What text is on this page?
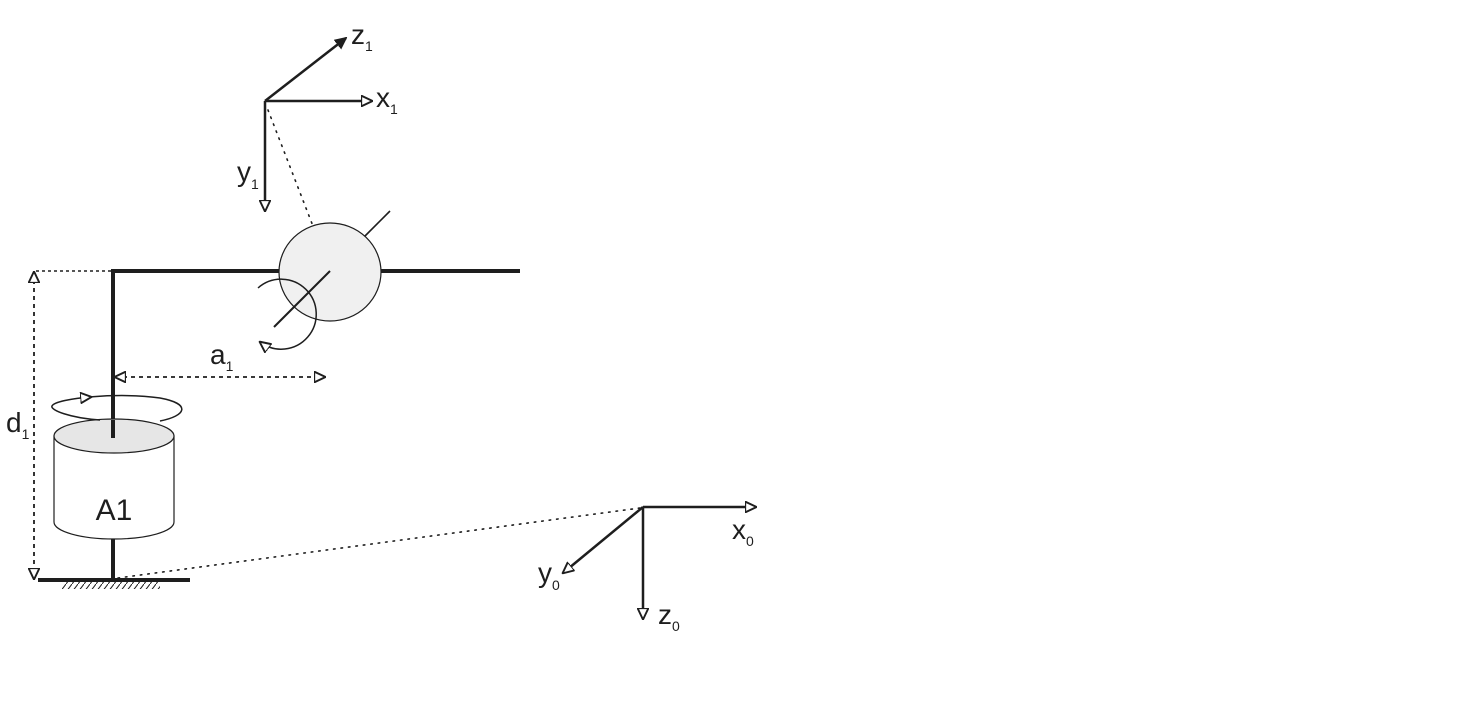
z1
x1
y1
a1
d1
A1
x0
y0
z0
